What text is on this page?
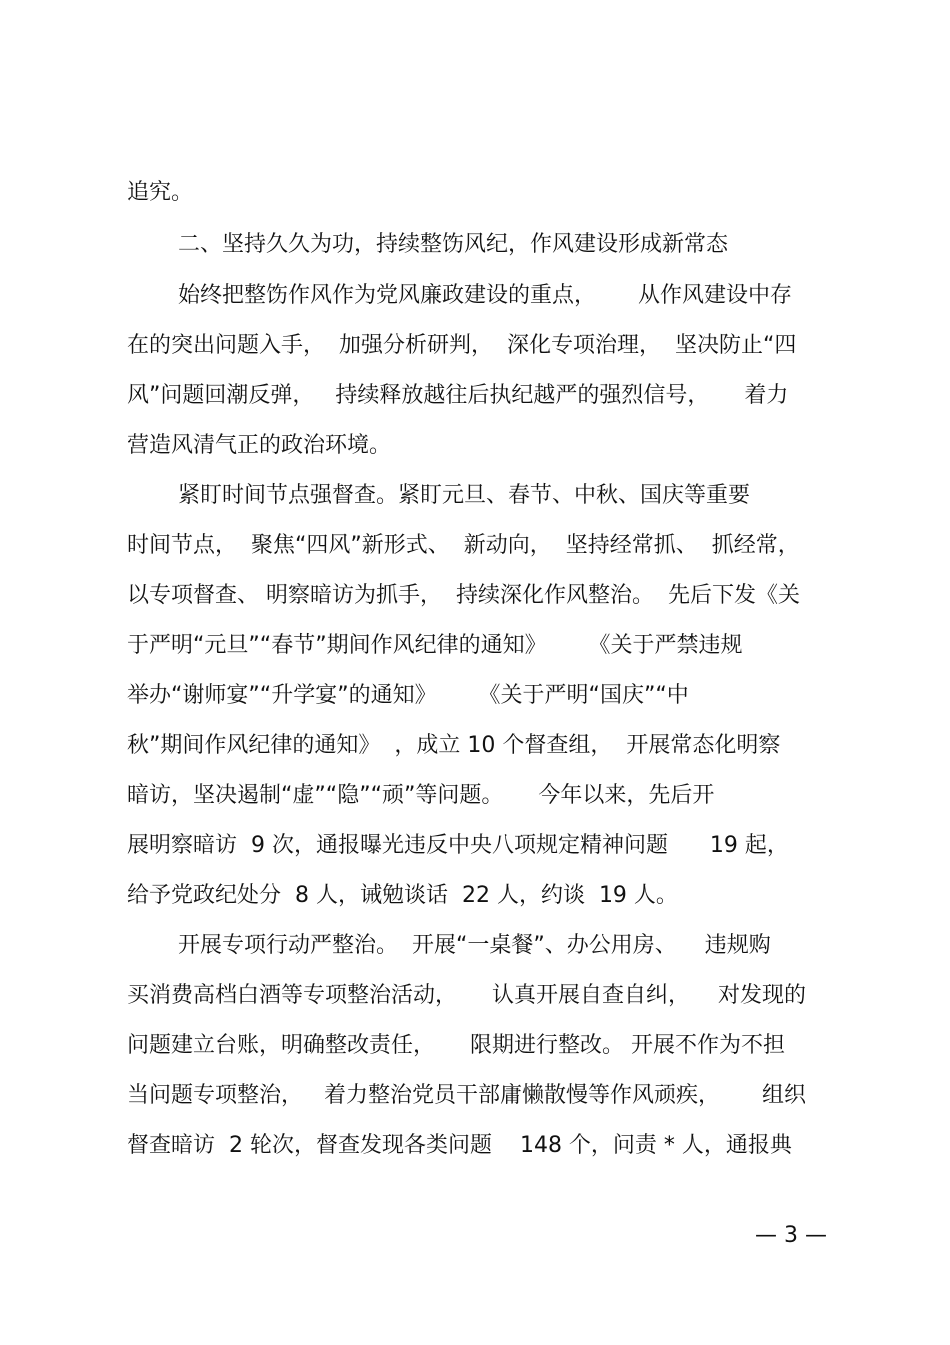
追究。
二、坚持久久为功，持续整饬风纪，作风建设形成新常态
始终把整饬作风作为党风廉政建设的重点，      从作风建设中存
在的突出问题入手，  加强分析研判，  深化专项治理，  坚决防止“四
风”问题回潮反弹，   持续释放越往后执纪越严的强烈信号，     着力
营造风清气正的政治环境。
紧盯时间节点强督查。紧盯元旦、春节、中秋、国庆等重要
时间节点，  聚焦“四风”新形式、  新动向，  坚持经常抓、  抓经常，
以专项督查、 明察暗访为抓手，  持续深化作风整治。  先后下发《关
于严明“元旦”“春节”期间作风纪律的通知》      《关于严禁违规
举办“谢师宴”“升学宴”的通知》      《关于严明“国庆”“中
秋”期间作风纪律的通知》  ，成立 10 个督查组，  开展常态化明察
暗访，坚决遏制“虚”“隐”“顽”等问题。     今年以来，先后开
展明察暗访  9 次，通报曝光违反中央八项规定精神问题      19 起，
给予党政纪处分  8 人，诫勉谈话  22 人，约谈  19 人。
开展专项行动严整治。  开展“一桌餐”、办公用房、    违规购
买消费高档白酒等专项整治活动，     认真开展自查自纠，    对发现的
问题建立台账，明确整改责任，     限期进行整改。 开展不作为不担
当问题专项整治，   着力整治党员干部庸懒散慢等作风顽疾，      组织
督查暗访  2 轮次，督查发现各类问题    148 个，问责 * 人，通报典
— 3 —
